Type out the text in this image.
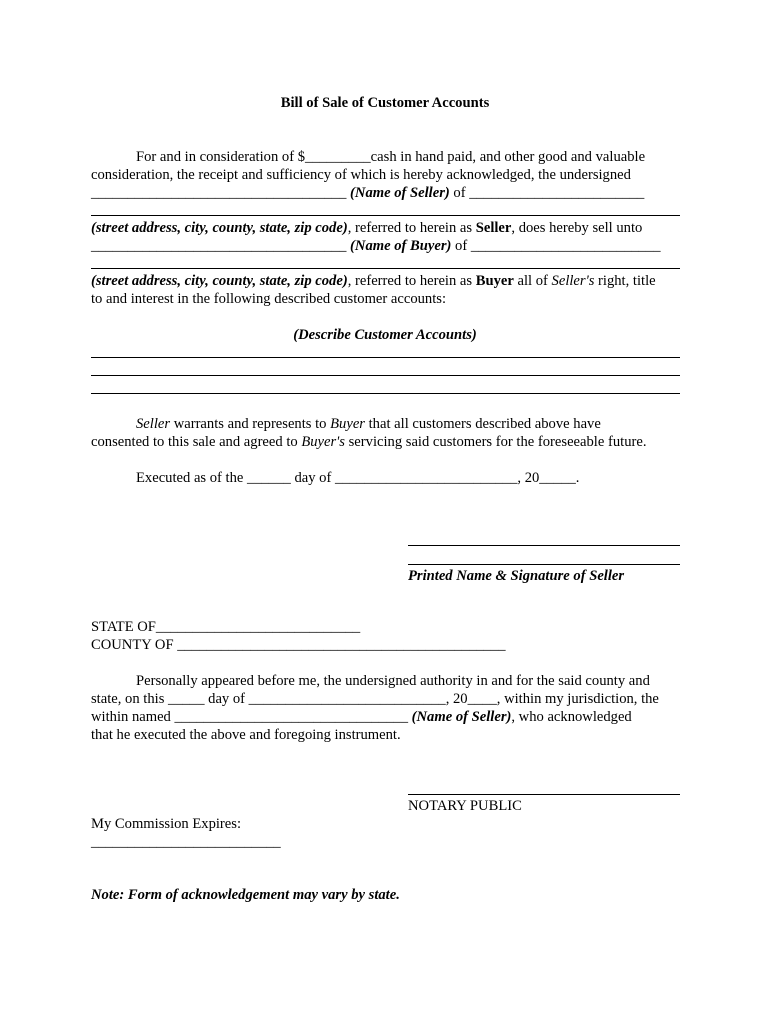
Bill of Sale of Customer Accounts

For and in consideration of $_________cash in hand paid, and other good and valuable

consideration, the receipt and sufficiency of which is hereby acknowledged, the undersigned

___________________________________ (Name of Seller) of ________________________

(street address, city, county, state, zip code), referred to herein as Seller, does hereby sell unto

___________________________________ (Name of Buyer) of __________________________

(street address, city, county, state, zip code), referred to herein as Buyer all of Seller's right, title

to and interest in the following described customer accounts:

(Describe Customer Accounts)

Seller warrants and represents to Buyer that all customers described above have

consented to this sale and agreed to Buyer's servicing said customers for the foreseeable future.

Executed as of the ______ day of _________________________, 20_____.

Printed Name & Signature of Seller

STATE OF____________________________

COUNTY OF _____________________________________________

Personally appeared before me, the undersigned authority in and for the said county and

state, on this _____ day of ___________________________, 20____, within my jurisdiction, the

within named ________________________________ (Name of Seller), who acknowledged

that he executed the above and foregoing instrument.

NOTARY PUBLIC

My Commission Expires:

__________________________

Note: Form of acknowledgement may vary by state.
